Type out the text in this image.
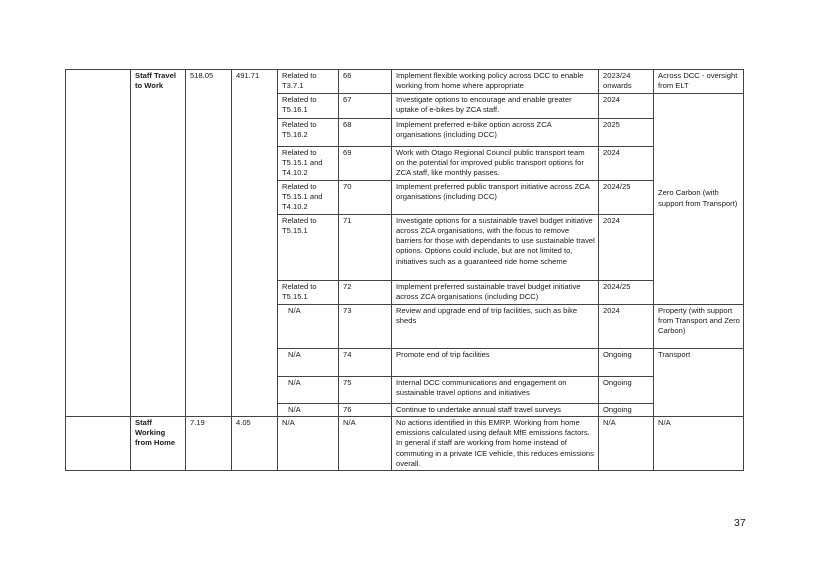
	Staff Travel to Work	518.05	491.71	Related to T3.7.1	66	Implement flexible working policy across DCC to enable working from home where appropriate	2023/24 onwards	Across DCC - oversight from ELT
				Related to T5.16.1	67	Investigate options to encourage and enable greater uptake of e-bikes by ZCA staff.	2024	Zero Carbon (with support from Transport)
				Related to T5.16.2	68	Implement preferred e-bike option across ZCA organisations (including DCC)	2025	
				Related to T5.15.1 and T4.10.2	69	Work with Otago Regional Council public transport team on the potential for improved public transport options for ZCA staff, like monthly passes.	2024	
				Related to T5.15.1 and T4.10.2	70	Implement preferred public transport initiative across ZCA organisations (including DCC)	2024/25	
				Related to T5.15.1	71	Investigate options for a sustainable travel budget initiative across ZCA organisations, with the focus to remove barriers for those with dependants to use sustainable travel options. Options could include, but are not limited to, initiatives such as a guaranteed ride home scheme	2024	
				Related to T5.15.1	72	Implement preferred sustainable travel budget initiative across ZCA organisations (including DCC)	2024/25	
				N/A	73	Review and upgrade end of trip facilities, such as bike sheds	2024	Property (with support from Transport and Zero Carbon)
				N/A	74	Promote end of trip facilities	Ongoing	Transport
				N/A	75	Internal DCC communications and engagement on sustainable travel options and initiatives	Ongoing	
				N/A	76	Continue to undertake annual staff travel surveys	Ongoing	
	Staff Working from Home	7.19	4.05	N/A	N/A	No actions identified in this EMRP. Working from home emissions calculated using default MfE emissions factors. In general if staff are working from home instead of commuting in a private ICE vehicle, this reduces emissions overall.	N/A	N/A
37
